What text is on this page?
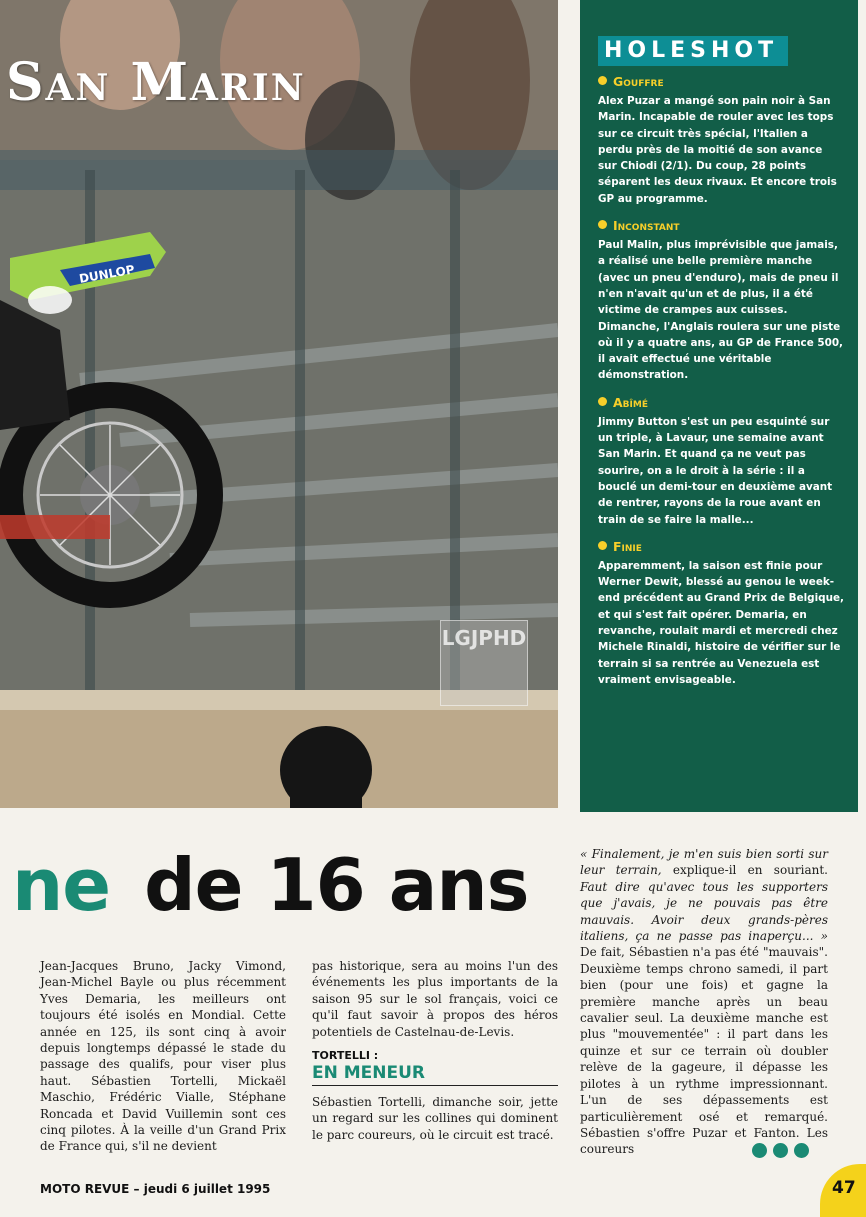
DUNLOP
San Marin
LGJPHD
HOLESHOT
Gouffre

Alex Puzar a mangé son pain noir à San Marin. Incapable de rouler avec les tops sur ce circuit très spécial, l'Italien a perdu près de la moitié de son avance sur Chiodi (2/1). Du coup, 28 points séparent les deux rivaux. Et encore trois GP au programme.

Inconstant

Paul Malin, plus imprévisible que jamais, a réalisé une belle première manche (avec un pneu d'enduro), mais de pneu il n'en n'avait qu'un et de plus, il a été victime de crampes aux cuisses. Dimanche, l'Anglais roulera sur une piste où il y a quatre ans, au GP de France 500, il avait effectué une véritable démonstration.

Abîmé

Jimmy Button s'est un peu esquinté sur un triple, à Lavaur, une semaine avant San Marin. Et quand ça ne veut pas sourire, on a le droit à la série : il a bouclé un demi-tour en deuxième avant de rentrer, rayons de la roue avant en train de se faire la malle...

Finie

Apparemment, la saison est finie pour Werner Dewit, blessé au genou le week-end précédent au Grand Prix de Belgique, et qui s'est fait opérer. Demaria, en revanche, roulait mardi et mercredi chez Michele Rinaldi, histoire de vérifier sur le terrain si sa rentrée au Venezuela est vraiment envisageable.

ne de 16 ans

Jean-Jacques Bruno, Jacky Vimond, Jean-Michel Bayle ou plus récemment Yves Demaria, les meilleurs ont toujours été isolés en Mondial. Cette année en 125, ils sont cinq à avoir depuis longtemps dépassé le stade du passage des qualifs, pour viser plus haut. Sébastien Tortelli, Mickaël Maschio, Frédéric Vialle, Stéphane Roncada et David Vuillemin sont ces cinq pilotes. À la veille d'un Grand Prix de France qui, s'il ne devient

pas historique, sera au moins l'un des événements les plus importants de la saison 95 sur le sol français, voici ce qu'il faut savoir à propos des héros potentiels de Castelnau-de-Levis.

TORTELLI :

EN MENEUR

Sébastien Tortelli, dimanche soir, jette un regard sur les collines qui dominent le parc coureurs, où le circuit est tracé.

« Finalement, je m'en suis bien sorti sur leur terrain, explique-il en souriant. Faut dire qu'avec tous les supporters que j'avais, je ne pouvais pas être mauvais. Avoir deux grands-pères italiens, ça ne passe pas inaperçu... » De fait, Sébastien n'a pas été "mauvais". Deuxième temps chrono samedi, il part bien (pour une fois) et gagne la première manche après un beau cavalier seul. La deuxième manche est plus "mouvementée" : il part dans les quinze et sur ce terrain où doubler relève de la gageure, il dépasse les pilotes à un rythme impressionnant. L'un de ses dépassements est particulièrement osé et remarqué. Sébastien s'offre Puzar et Fanton. Les coureurs

MOTO REVUE – jeudi 6 juillet 1995	47
